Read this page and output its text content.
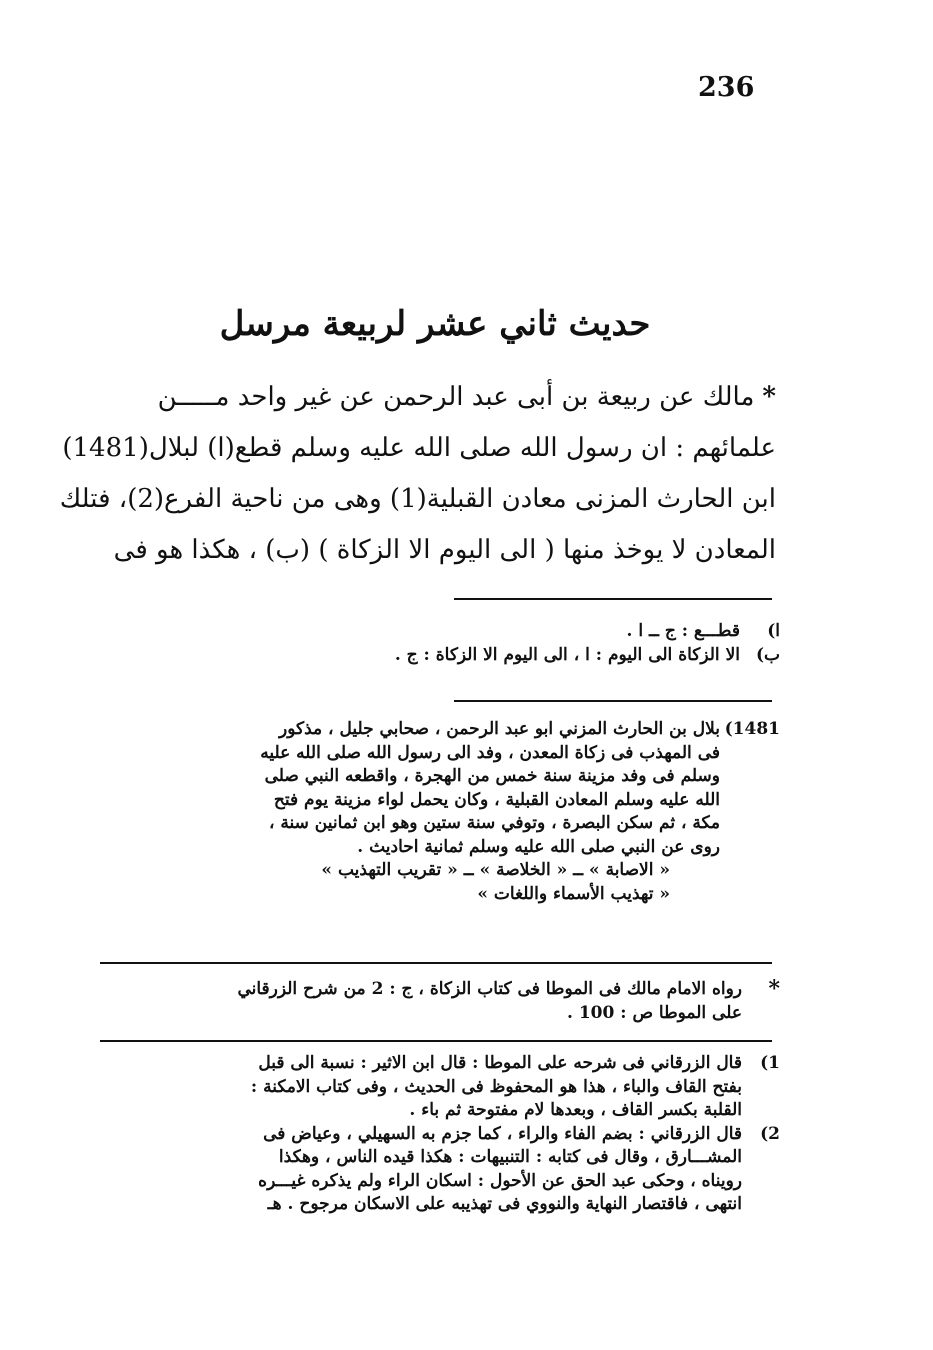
236
حديث ثاني عشر لربيعة مرسل
*مالك عن ربيعة بن أبى عبد الرحمن عن غير واحد مـــــن
علمائهم : ان رسول الله صلى الله عليه وسلم قطع(ا) لبلال(1481)
ابن الحارث المزنى معادن القبلية(1) وهى من ناحية الفرع(2)، فتلك
المعادن لا يوخذ منها ( الى اليوم الا الزكاة ) (ب) ، هكذا هو فى
ا)
قطـــع : ج ــ ا .
ب)
الا الزكاة الى اليوم : ا ، الى اليوم الا الزكاة : ج .
1481)
بلال بن الحارث المزني ابو عبد الرحمن ، صحابي جليل ، مذكور
فى المهذب فى زكاة المعدن ، وفد الى رسول الله صلى الله عليه
وسلم فى وفد مزينة سنة خمس من الهجرة ، واقطعه النبي صلى
الله عليه وسلم المعادن القبلية ، وكان يحمل لواء مزينة يوم فتح
مكة ، ثم سكن البصرة ، وتوفي سنة ستين وهو ابن ثمانين سنة ،
روى عن النبي صلى الله عليه وسلم ثمانية احاديث .
« الاصابة » ــ « الخلاصة » ــ « تقريب التهذيب »
« تهذيب الأسماء واللغات »
*
رواه الامام مالك فى الموطا فى كتاب الزكاة ، ج : 2 من شرح الزرقاني
على الموطا ص : 100 .
1)
قال الزرقاني فى شرحه على الموطا : قال ابن الاثير : نسبة الى قبل
بفتح القاف والباء ، هذا هو المحفوظ فى الحديث ، وفى كتاب الامكنة :
القلبة بكسر القاف ، وبعدها لام مفتوحة ثم باء .
2)
قال الزرقاني : بضم الفاء والراء ، كما جزم به السهيلي ، وعياض فى
المشـــارق ، وقال فى كتابه : التنبيهات : هكذا قيده الناس ، وهكذا
رويناه ، وحكى عبد الحق عن الأحول : اسكان الراء ولم يذكره غيـــره
انتهى ، فاقتصار النهاية والنووي فى تهذيبه على الاسكان مرجوح . هـ
